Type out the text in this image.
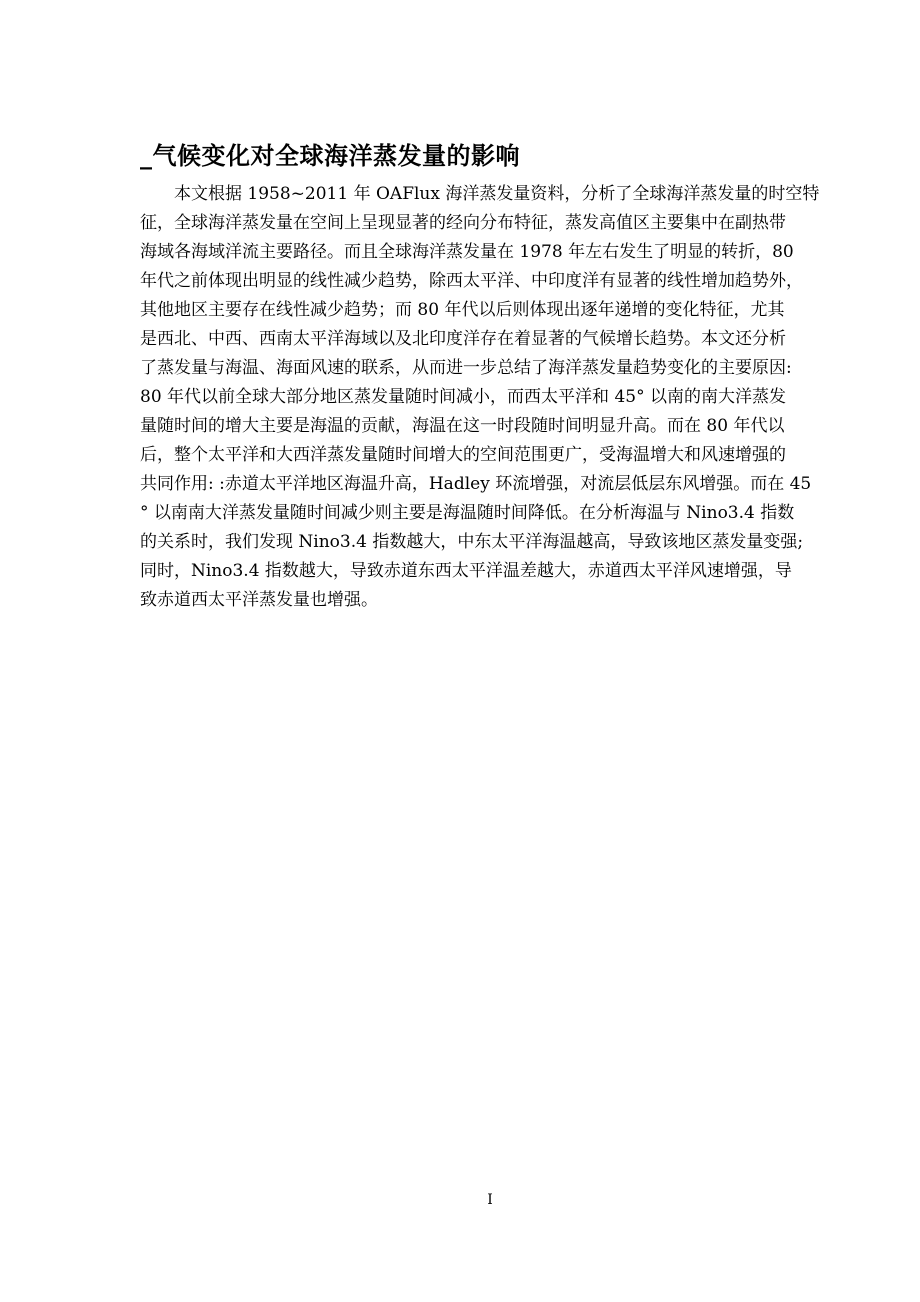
_气候变化对全球海洋蒸发量的影响
本文根据 1958~2011 年 OAFlux 海洋蒸发量资料，分析了全球海洋蒸发量的时空特
征，全球海洋蒸发量在空间上呈现显著的经向分布特征，蒸发高值区主要集中在副热带
海域各海域洋流主要路径。而且全球海洋蒸发量在 1978 年左右发生了明显的转折，80
年代之前体现出明显的线性减少趋势，除西太平洋、中印度洋有显著的线性增加趋势外，
其他地区主要存在线性减少趋势；而 80 年代以后则体现出逐年递增的变化特征，尤其
是西北、中西、西南太平洋海域以及北印度洋存在着显著的气候增长趋势。本文还分析
了蒸发量与海温、海面风速的联系，从而进一步总结了海洋蒸发量趋势变化的主要原因:
80 年代以前全球大部分地区蒸发量随时间减小，而西太平洋和 45° 以南的南大洋蒸发
量随时间的增大主要是海温的贡献，海温在这一时段随时间明显升高。而在 80 年代以
后，整个太平洋和大西洋蒸发量随时间增大的空间范围更广，受海温增大和风速增强的
共同作用: :赤道太平洋地区海温升高，Hadley 环流增强，对流层低层东风增强。而在 45
° 以南南大洋蒸发量随时间减少则主要是海温随时间降低。在分析海温与 Nino3.4 指数
的关系时，我们发现 Nino3.4 指数越大，中东太平洋海温越高，导致该地区蒸发量变强;
同时，Nino3.4 指数越大，导致赤道东西太平洋温差越大，赤道西太平洋风速增强，导
致赤道西太平洋蒸发量也增强。
I
